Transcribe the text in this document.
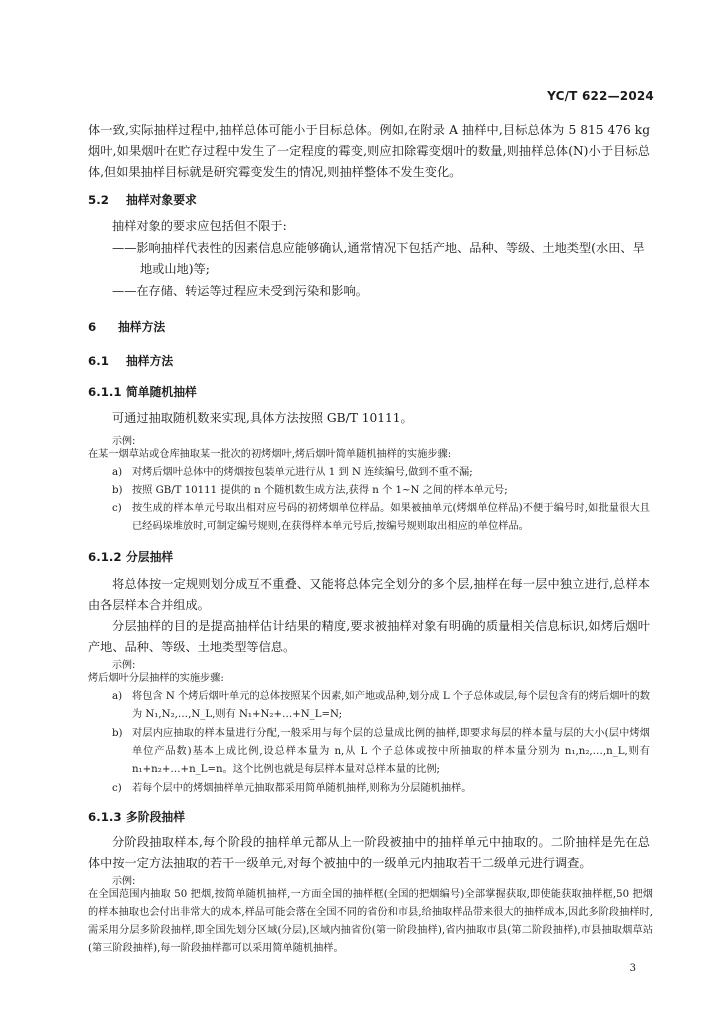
YC/T 622—2024
体一致,实际抽样过程中,抽样总体可能小于目标总体。例如,在附录 A 抽样中,目标总体为 5 815 476 kg 烟叶,如果烟叶在贮存过程中发生了一定程度的霉变,则应扣除霉变烟叶的数量,则抽样总体(N)小于目标总体,但如果抽样目标就是研究霉变发生的情况,则抽样整体不发生变化。
5.2 抽样对象要求
抽样对象的要求应包括但不限于:
——影响抽样代表性的因素信息应能够确认,通常情况下包括产地、品种、等级、土地类型(水田、旱
地或山地)等;
——在存储、转运等过程应未受到污染和影响。
6 抽样方法
6.1 抽样方法
6.1.1 简单随机抽样
可通过抽取随机数来实现,具体方法按照 GB/T 10111。
示例:
在某一烟草站或仓库抽取某一批次的初烤烟叶,烤后烟叶简单随机抽样的实施步骤:
a) 对烤后烟叶总体中的烤烟按包装单元进行从 1 到 N 连续编号,做到不重不漏;
b) 按照 GB/T 10111 提供的 n 个随机数生成方法,获得 n 个 1~N 之间的样本单元号;
c) 按生成的样本单元号取出相对应号码的初烤烟单位样品。如果被抽单元(烤烟单位样品)不便于编号时,如批量很大且已经码垛堆放时,可制定编号规则,在获得样本单元号后,按编号规则取出相应的单位样品。
6.1.2 分层抽样
将总体按一定规则划分成互不重叠、又能将总体完全划分的多个层,抽样在每一层中独立进行,总样本由各层样本合并组成。
分层抽样的目的是提高抽样估计结果的精度,要求被抽样对象有明确的质量相关信息标识,如烤后烟叶产地、品种、等级、土地类型等信息。
示例:
烤后烟叶分层抽样的实施步骤:
a) 将包含 N 个烤后烟叶单元的总体按照某个因素,如产地或品种,划分成 L 个子总体或层,每个层包含有的烤后烟叶的数为 N₁,N₂,…,N_L,则有 N₁+N₂+…+N_L=N;
b) 对层内应抽取的样本量进行分配,一般采用与每个层的总量成比例的抽样,即要求每层的样本量与层的大小(层中烤烟单位产品数)基本上成比例,设总样本量为 n,从 L 个子总体或按中所抽取的样本量分别为 n₁,n₂,…,n_L,则有 n₁+n₂+…+n_L=n。这个比例也就是每层样本量对总样本量的比例;
c) 若每个层中的烤烟抽样单元抽取都采用简单随机抽样,则称为分层随机抽样。
6.1.3 多阶段抽样
分阶段抽取样本,每个阶段的抽样单元都从上一阶段被抽中的抽样单元中抽取的。二阶抽样是先在总体中按一定方法抽取的若干一级单元,对每个被抽中的一级单元内抽取若干二级单元进行调查。
示例:
在全国范围内抽取 50 把烟,按简单随机抽样,一方面全国的抽样框(全国的把烟编号)全部掌握获取,即使能获取抽样框,50 把烟的样本抽取也会付出非常大的成本,样品可能会落在全国不同的省份和市县,给抽取样品带来很大的抽样成本,因此多阶段抽样时,需采用分层多阶段抽样,即全国先划分区域(分层),区域内抽省份(第一阶段抽样),省内抽取市县(第二阶段抽样),市县抽取烟草站(第三阶段抽样),每一阶段抽样都可以采用简单随机抽样。
3
